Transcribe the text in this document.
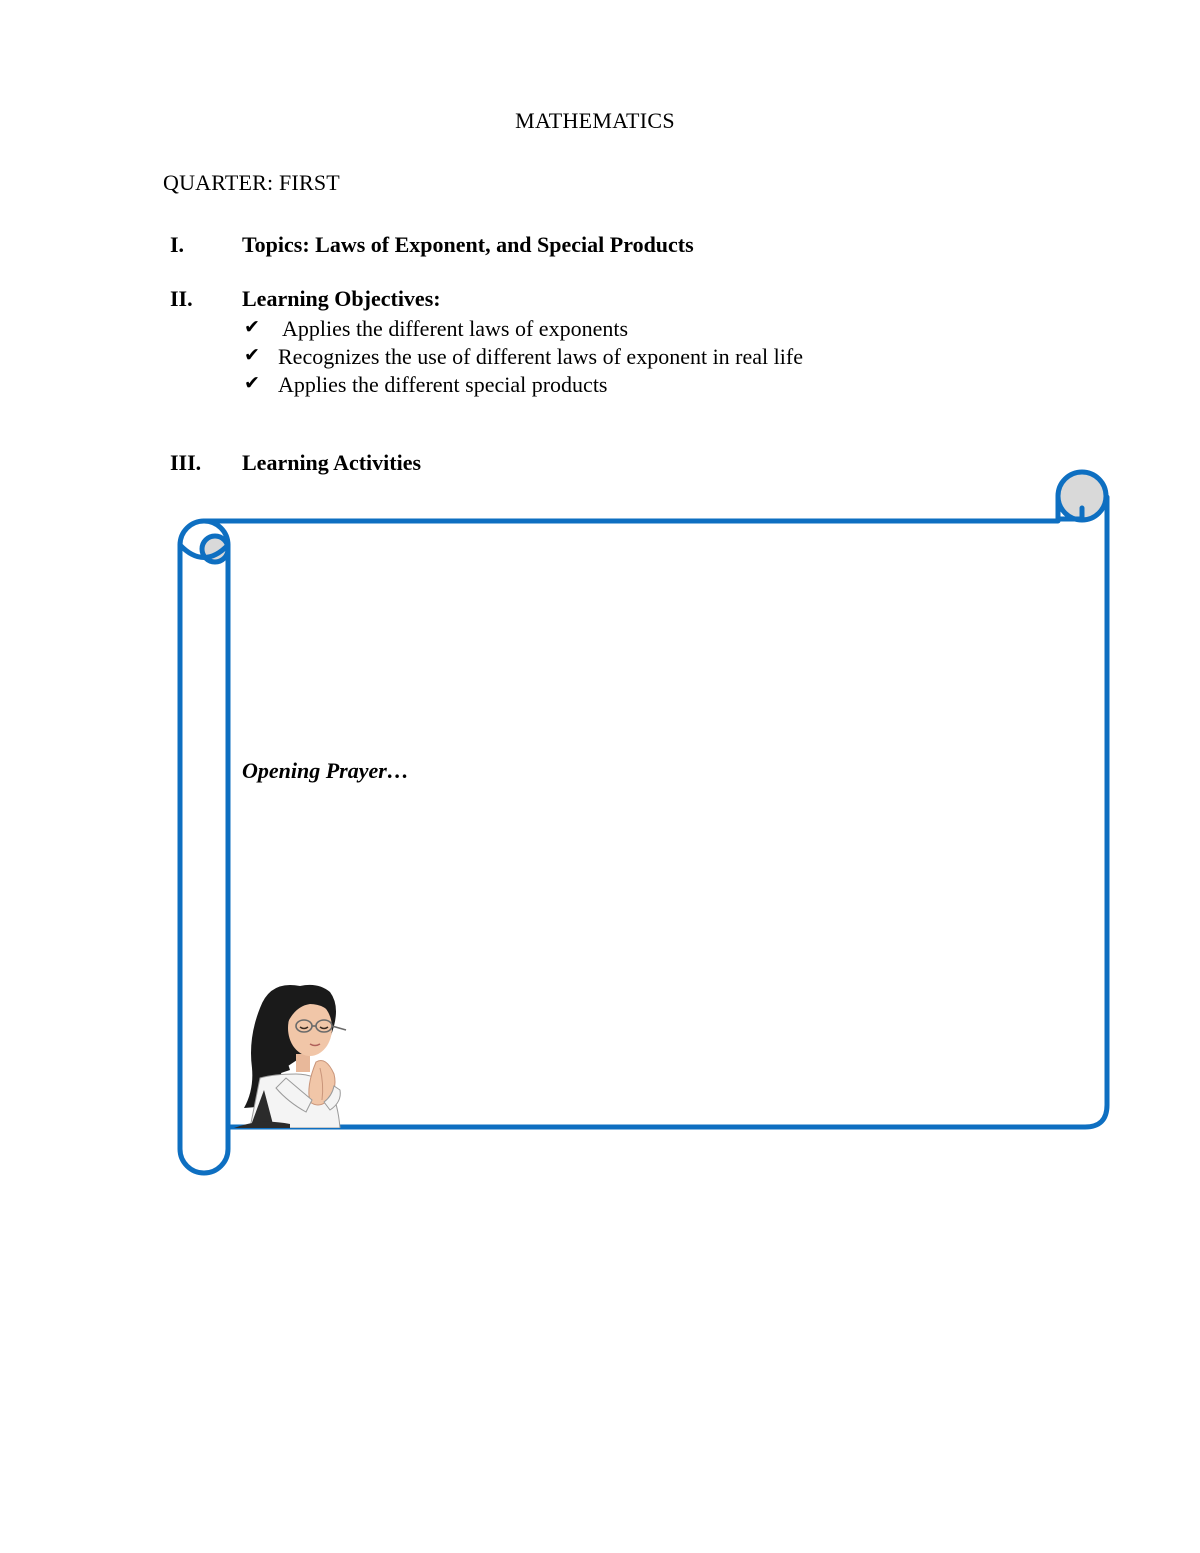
MATHEMATICS
QUARTER: FIRST
I.	Topics: Laws of Exponent, and Special Products
II. Learning Objectives:
✔ Applies the different laws of exponents
✔ Recognizes the use of different laws of exponent in real life
✔ Applies the different special products
III. Learning Activities
Opening Prayer…
